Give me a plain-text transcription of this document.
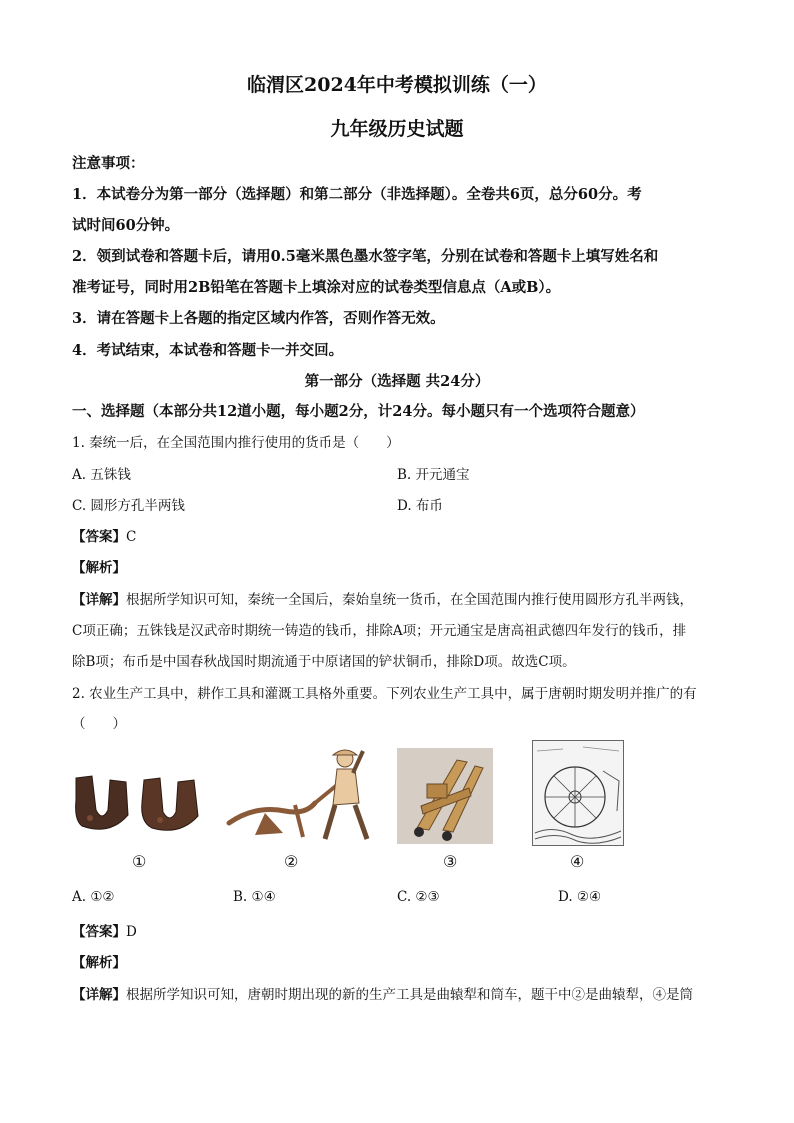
临渭区2024年中考模拟训练（一）
九年级历史试题
注意事项：
1．本试卷分为第一部分（选择题）和第二部分（非选择题）。全卷共6页，总分60分。考
试时间60分钟。
2．领到试卷和答题卡后，请用0.5毫米黑色墨水签字笔，分别在试卷和答题卡上填写姓名和
准考证号，同时用2B铅笔在答题卡上填涂对应的试卷类型信息点（A或B）。
3．请在答题卡上各题的指定区域内作答，否则作答无效。
4．考试结束，本试卷和答题卡一并交回。
第一部分（选择题 共24分）
一、选择题（本部分共12道小题，每小题2分，计24分。每小题只有一个选项符合题意）
1. 秦统一后，在全国范围内推行使用的货币是（　　）
A. 五铢钱	B. 开元通宝
C. 圆形方孔半两钱	D. 布币
【答案】C
【解析】
【详解】根据所学知识可知，秦统一全国后，秦始皇统一货币，在全国范围内推行使用圆形方孔半两钱，
C项正确；五铢钱是汉武帝时期统一铸造的钱币，排除A项；开元通宝是唐高祖武德四年发行的钱币，排
除B项；布币是中国春秋战国时期流通于中原诸国的铲状铜币，排除D项。故选C项。
2. 农业生产工具中，耕作工具和灌溉工具格外重要。下列农业生产工具中，属于唐朝时期发明并推广的有
（　　）
①	②	③	④
A. ①②	B. ①④	C. ②③	D. ②④
【答案】D
【解析】
【详解】根据所学知识可知，唐朝时期出现的新的生产工具是曲辕犁和筒车，题干中②是曲辕犁，④是筒
